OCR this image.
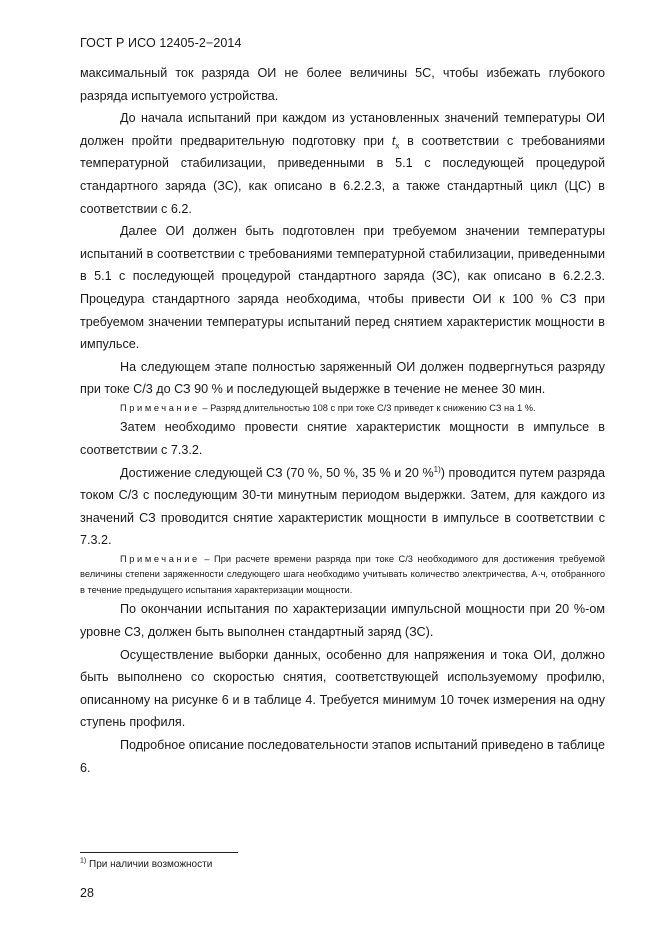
ГОСТ Р ИСО 12405-2−2014

максимальный ток разряда ОИ не более величины 5С, чтобы избежать глубокого разряда испытуемого устройства.

До начала испытаний при каждом из установленных значений температуры ОИ должен пройти предварительную подготовку при $t_x$ в соответствии с требованиями температурной стабилизации, приведенными в 5.1 с последующей процедурой стандартного заряда (ЗС), как описано в 6.2.2.3, а также стандартный цикл (ЦС) в соответствии с 6.2.

Далее ОИ должен быть подготовлен при требуемом значении температуры испытаний в соответствии с требованиями температурной стабилизации, приведенными в 5.1 с последующей процедурой стандартного заряда (ЗС), как описано в 6.2.2.3. Процедура стандартного заряда необходима, чтобы привести ОИ к 100 % СЗ при требуемом значении температуры испытаний перед снятием характеристик мощности в импульсе.

На следующем этапе полностью заряженный ОИ должен подвергнуться разряду при токе С/3 до СЗ 90 % и последующей выдержке в течение не менее 30 мин.

Примечание – Разряд длительностью 108 с при токе С/3 приведет к снижению СЗ на 1 %.

Затем необходимо провести снятие характеристик мощности в импульсе в соответствии с 7.3.2.

Достижение следующей СЗ (70 %, 50 %, 35 % и 20 %$^{1)}$) проводится путем разряда током С/3 с последующим 30-ти минутным периодом выдержки. Затем, для каждого из значений СЗ проводится снятие характеристик мощности в импульсе в соответствии с 7.3.2.

Примечание – При расчете времени разряда при токе С/3 необходимого для достижения требуемой величины степени заряженности следующего шага необходимо учитывать количество электричества, А·ч, отобранного в течение предыдущего испытания характеризации мощности.

По окончании испытания по характеризации импульсной мощности при 20 %-ом уровне СЗ, должен быть выполнен стандартный заряд (ЗС).

Осуществление выборки данных, особенно для напряжения и тока ОИ, должно быть выполнено со скоростью снятия, соответствующей используемому профилю, описанному на рисунке 6 и в таблице 4. Требуется минимум 10 точек измерения на одну ступень профиля.

Подробное описание последовательности этапов испытаний приведено в таблице 6.

$^{1)}$ При наличии возможности
28
